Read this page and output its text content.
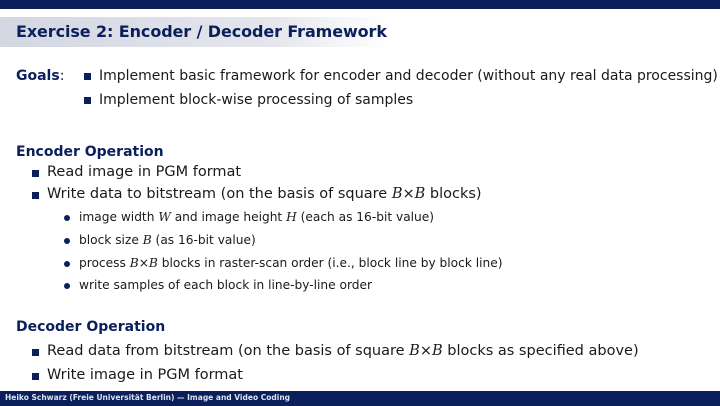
Exercise 2: Encoder / Decoder Framework
Goals: Implement basic framework for encoder and decoder (without any real data processing)
Implement block-wise processing of samples
Encoder Operation
Read image in PGM format
Write data to bitstream (on the basis of square B×B blocks)
image width W and image height H (each as 16-bit value)
block size B (as 16-bit value)
process B×B blocks in raster-scan order (i.e., block line by block line)
write samples of each block in line-by-line order
Decoder Operation
Read data from bitstream (on the basis of square B×B blocks as specified above)
Write image in PGM format
Heiko Schwarz (Freie Universität Berlin) — Image and Video Coding
